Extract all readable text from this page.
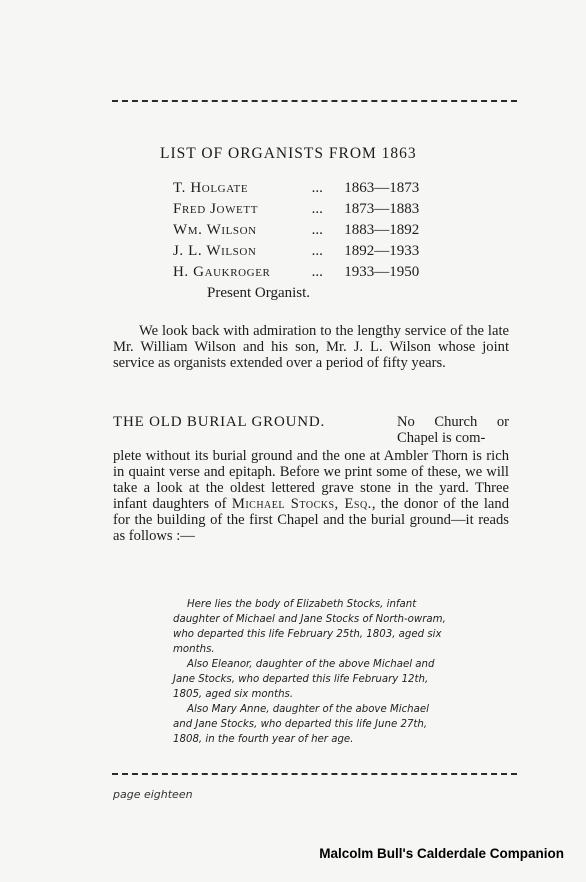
LIST OF ORGANISTS FROM 1863
T. Holgate	...	1863—1873
Fred Jowett	...	1873—1883
Wm. Wilson	...	1883—1892
J. L. Wilson	...	1892—1933
H. Gaukroger	...	1933—1950
Present Organist.
We look back with admiration to the lengthy service of the late Mr. William Wilson and his son, Mr. J. L. Wilson whose joint service as organists extended over a period of fifty years.
THE OLD BURIAL GROUND.	No Church or Chapel is com-
plete without its burial ground and the one at Ambler Thorn is rich in quaint verse and epitaph. Before we print some of these, we will take a look at the oldest lettered grave stone in the yard. Three infant daughters of Michael Stocks, Esq., the donor of the land for the building of the first Chapel and the burial ground—it reads as follows :—

Here lies the body of Elizabeth Stocks, infant daughter of Michael and Jane Stocks of North-owram, who departed this life February 25th, 1803, aged six months.

Also Eleanor, daughter of the above Michael and Jane Stocks, who departed this life February 12th, 1805, aged six months.

Also Mary Anne, daughter of the above Michael and Jane Stocks, who departed this life June 27th, 1808, in the fourth year of her age.

page eighteen
Malcolm Bull's Calderdale Companion
